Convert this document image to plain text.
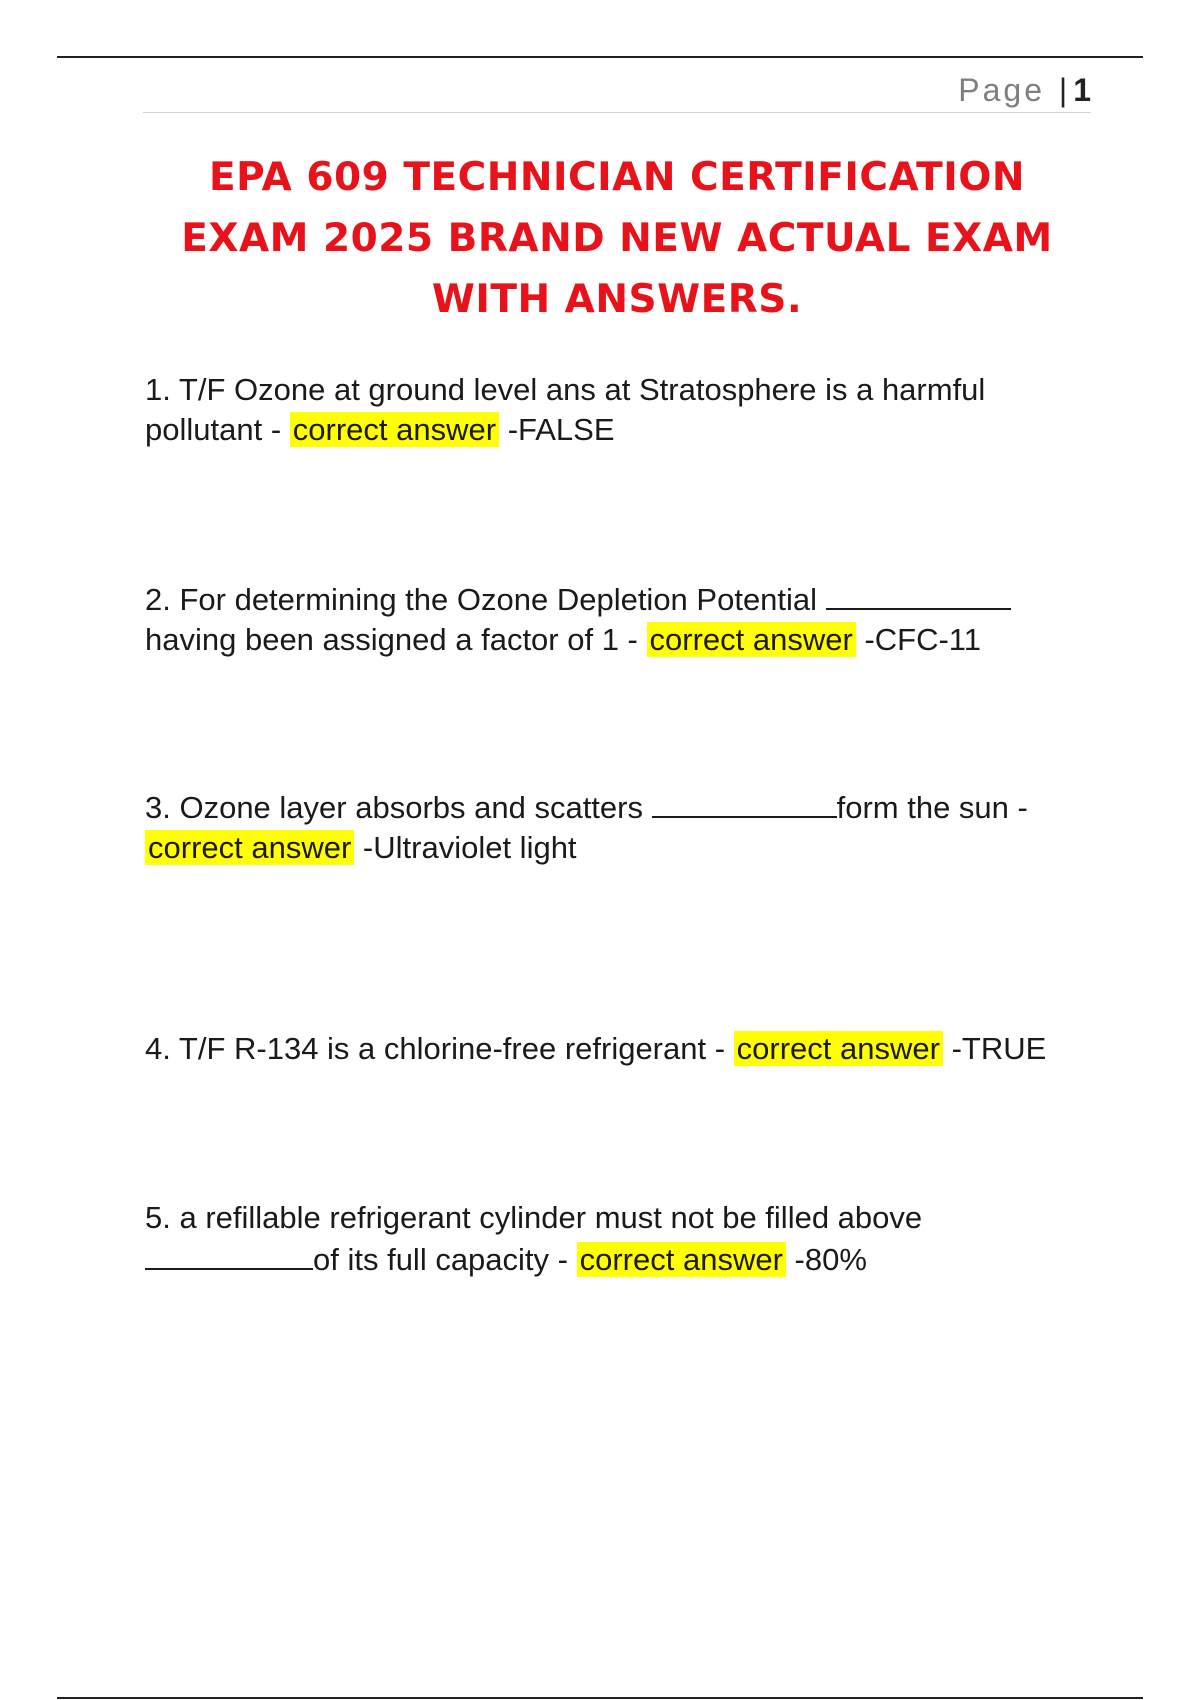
Page | 1
EPA 609 TECHNICIAN CERTIFICATION EXAM 2025 BRAND NEW ACTUAL EXAM WITH ANSWERS.

1. T/F Ozone at ground level ans at Stratosphere is a harmful pollutant - correct answer -FALSE

2. For determining the Ozone Depletion Potential  having been assigned a factor of 1 - correct answer -CFC-11

3. Ozone layer absorbs and scatters	form the sun - correct answer -Ultraviolet light

4. T/F R-134 is a chlorine-free refrigerant - correct answer -TRUE

5. a refillable refrigerant cylinder must not be filled above of its full capacity - correct answer -80%
